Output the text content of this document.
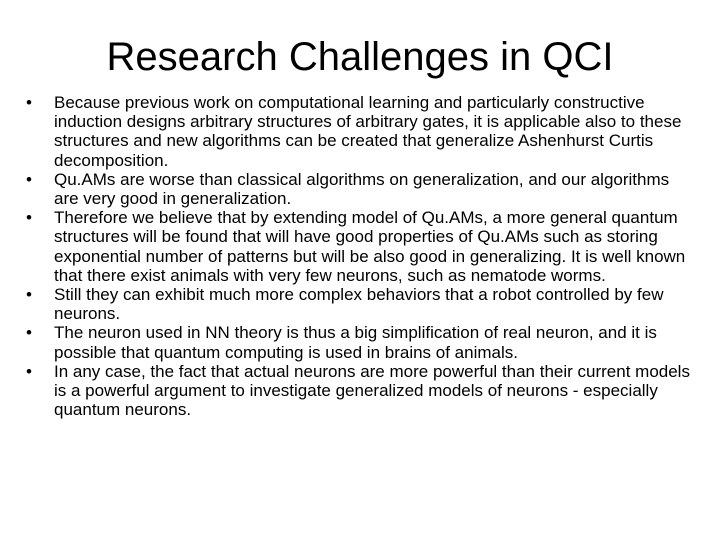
Research Challenges in QCI
• Because previous work on computational learning and particularly constructive induction designs arbitrary structures of arbitrary gates, it is applicable also to these structures and new algorithms can be created that generalize Ashenhurst Curtis decomposition.
• Qu.AMs are worse than classical algorithms on generalization, and our algorithms are very good in generalization.
• Therefore we believe that by extending model of Qu.AMs, a more general quantum structures will be found that will have good properties of Qu.AMs such as storing exponential number of patterns but will be also good in generalizing. It is well known that there exist animals with very few neurons, such as nematode worms.
• Still they can exhibit much more complex behaviors that a robot controlled by few neurons.
• The neuron used in NN theory is thus a big simplification of real neuron, and it is possible that quantum computing is used in brains of animals.
• In any case, the fact that actual neurons are more powerful than their current models is a powerful argument to investigate generalized models of neurons - especially quantum neurons.
